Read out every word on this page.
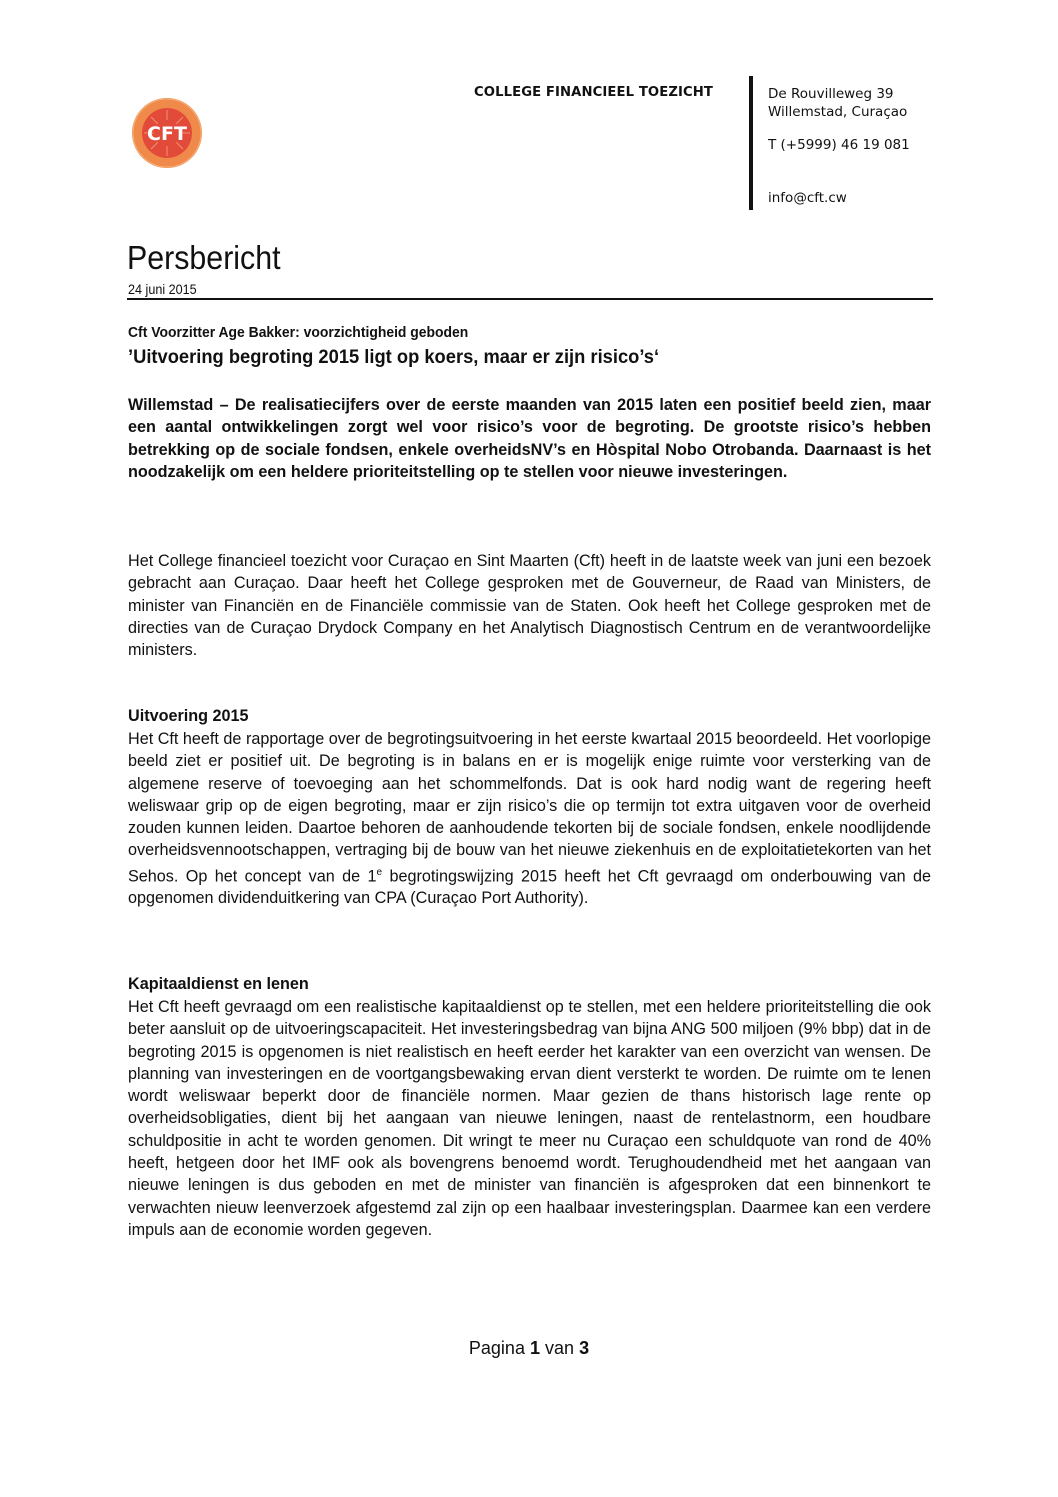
CFT
COLLEGE FINANCIEEL TOEZICHT	De Rouvilleweg 39
Willemstad, Curaçao
T (+5999) 46 19 081
info@cft.cw
Persbericht
24 juni 2015
Cft Voorzitter Age Bakker: voorzichtigheid geboden
’Uitvoering begroting 2015 ligt op koers, maar er zijn risico’s‘

Willemstad – De realisatiecijfers over de eerste maanden van 2015 laten een positief beeld zien, maar een aantal ontwikkelingen zorgt wel voor risico’s voor de begroting. De grootste risico’s hebben betrekking op de sociale fondsen, enkele overheidsNV’s en Hòspital Nobo Otrobanda. Daarnaast is het noodzakelijk om een heldere prioriteitstelling op te stellen voor nieuwe investeringen.

Het College financieel toezicht voor Curaçao en Sint Maarten (Cft) heeft in de laatste week van juni een bezoek gebracht aan Curaçao. Daar heeft het College gesproken met de Gouverneur, de Raad van Ministers, de minister van Financiën en de Financiële commissie van de Staten. Ook heeft het College gesproken met de directies van de Curaçao Drydock Company en het Analytisch Diagnostisch Centrum en de verantwoordelijke ministers.

Uitvoering 2015

Het Cft heeft de rapportage over de begrotingsuitvoering in het eerste kwartaal 2015 beoordeeld. Het voorlopige beeld ziet er positief uit. De begroting is in balans en er is mogelijk enige ruimte voor versterking van de algemene reserve of toevoeging aan het schommelfonds. Dat is ook hard nodig want de regering heeft weliswaar grip op de eigen begroting, maar er zijn risico’s die op termijn tot extra uitgaven voor de overheid zouden kunnen leiden. Daartoe behoren de aanhoudende tekorten bij de sociale fondsen, enkele noodlijdende overheidsvennootschappen, vertraging bij de bouw van het nieuwe ziekenhuis en de exploitatietekorten van het Sehos. Op het concept van de 1e begrotingswijzing 2015 heeft het Cft gevraagd om onderbouwing van de opgenomen dividenduitkering van CPA (Curaçao Port Authority).

Kapitaaldienst en lenen

Het Cft heeft gevraagd om een realistische kapitaaldienst op te stellen, met een heldere prioriteitstelling die ook beter aansluit op de uitvoeringscapaciteit. Het investeringsbedrag van bijna ANG 500 miljoen (9% bbp) dat in de begroting 2015 is opgenomen is niet realistisch en heeft eerder het karakter van een overzicht van wensen. De planning van investeringen en de voortgangsbewaking ervan dient versterkt te worden. De ruimte om te lenen wordt weliswaar beperkt door de financiële normen. Maar gezien de thans historisch lage rente op overheidsobligaties, dient bij het aangaan van nieuwe leningen, naast de rentelastnorm, een houdbare schuldpositie in acht te worden genomen. Dit wringt te meer nu Curaçao een schuldquote van rond de 40% heeft, hetgeen door het IMF ook als bovengrens benoemd wordt. Terughoudendheid met het aangaan van nieuwe leningen is dus geboden en met de minister van financiën is afgesproken dat een binnenkort te verwachten nieuw leenverzoek afgestemd zal zijn op een haalbaar investeringsplan. Daarmee kan een verdere impuls aan de economie worden gegeven.

Pagina 1 van 3
